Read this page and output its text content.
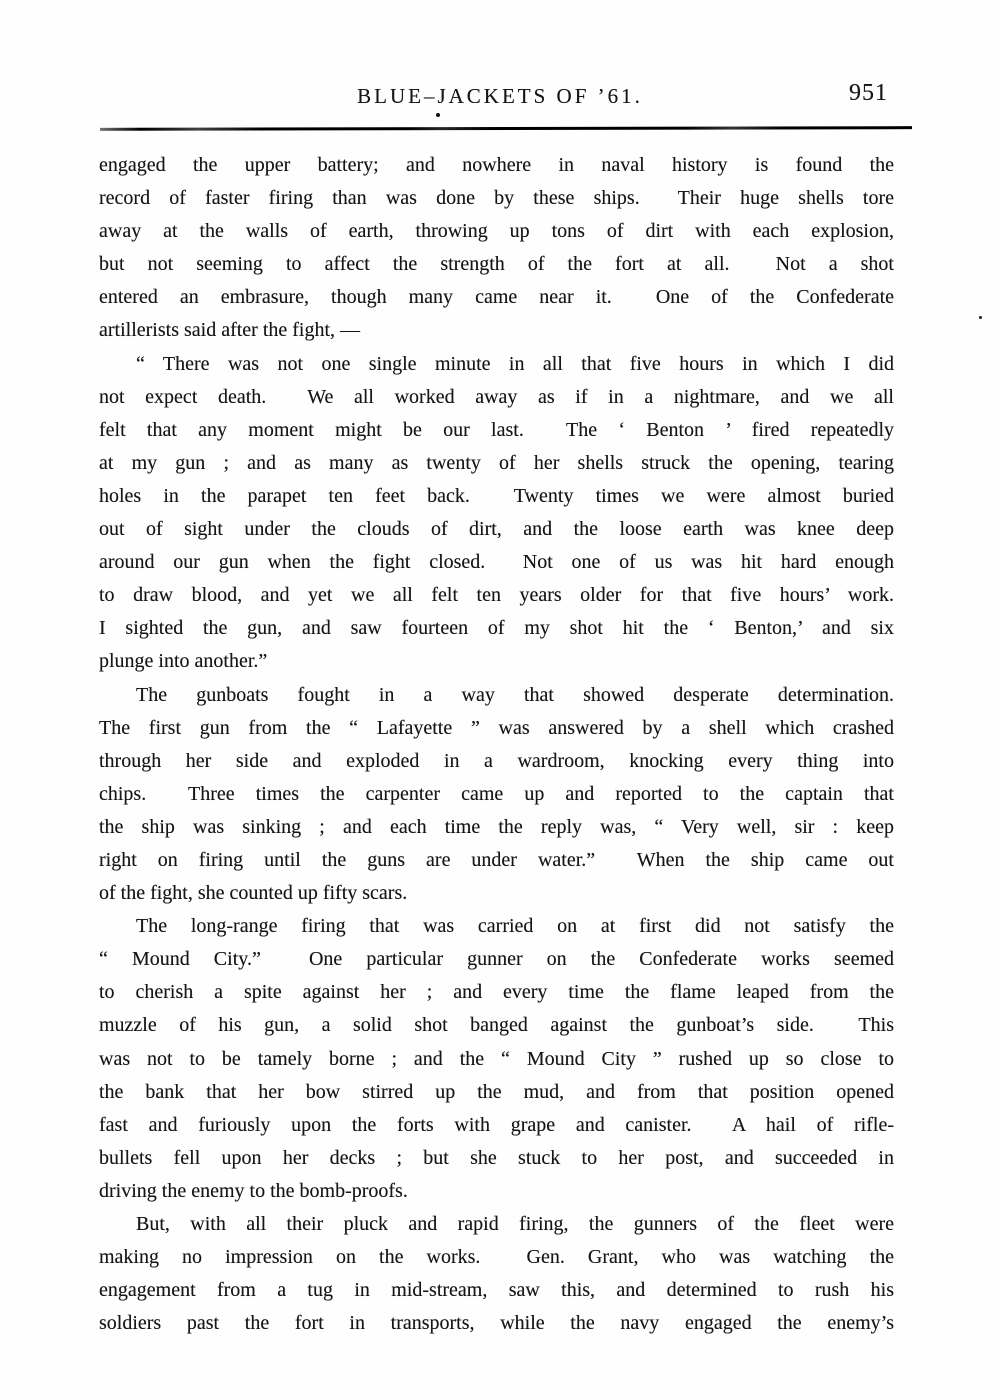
BLUE–JACKETS OF ’61.	951
engaged the upper battery; and nowhere in naval history is found the
record of faster firing than was done by these ships.  Their huge shells tore
away at the walls of earth, throwing up tons of dirt with each explosion,
but not seeming to affect the strength of the fort at all.  Not a shot
entered an embrasure, though many came near it.  One of the Confederate
artillerists said after the fight, —
“ There was not one single minute in all that five hours in which I did
not expect death.  We all worked away as if in a nightmare, and we all
felt that any moment might be our last.  The ‘ Benton ’ fired repeatedly
at my gun ; and as many as twenty of her shells struck the opening, tearing
holes in the parapet ten feet back.  Twenty times we were almost buried
out of sight under the clouds of dirt, and the loose earth was knee deep
around our gun when the fight closed.  Not one of us was hit hard enough
to draw blood, and yet we all felt ten years older for that five hours’ work.
I sighted the gun, and saw fourteen of my shot hit the ‘ Benton,’ and six
plunge into another.”
The gunboats fought in a way that showed desperate determination.
The first gun from the “ Lafayette ” was answered by a shell which crashed
through her side and exploded in a wardroom, knocking every thing into
chips.  Three times the carpenter came up and reported to the captain that
the ship was sinking ; and each time the reply was, “ Very well, sir : keep
right on firing until the guns are under water.”  When the ship came out
of the fight, she counted up fifty scars.
The long-range firing that was carried on at first did not satisfy the
“ Mound City.”  One particular gunner on the Confederate works seemed
to cherish a spite against her ; and every time the flame leaped from the
muzzle of his gun, a solid shot banged against the gunboat’s side.  This
was not to be tamely borne ; and the “ Mound City ” rushed up so close to
the bank that her bow stirred up the mud, and from that position opened
fast and furiously upon the forts with grape and canister.  A hail of rifle-
bullets fell upon her decks ; but she stuck to her post, and succeeded in
driving the enemy to the bomb-proofs.
But, with all their pluck and rapid firing, the gunners of the fleet were
making no impression on the works.  Gen. Grant, who was watching the
engagement from a tug in mid-stream, saw this, and determined to rush his
soldiers past the fort in transports, while the navy engaged the enemy’s
